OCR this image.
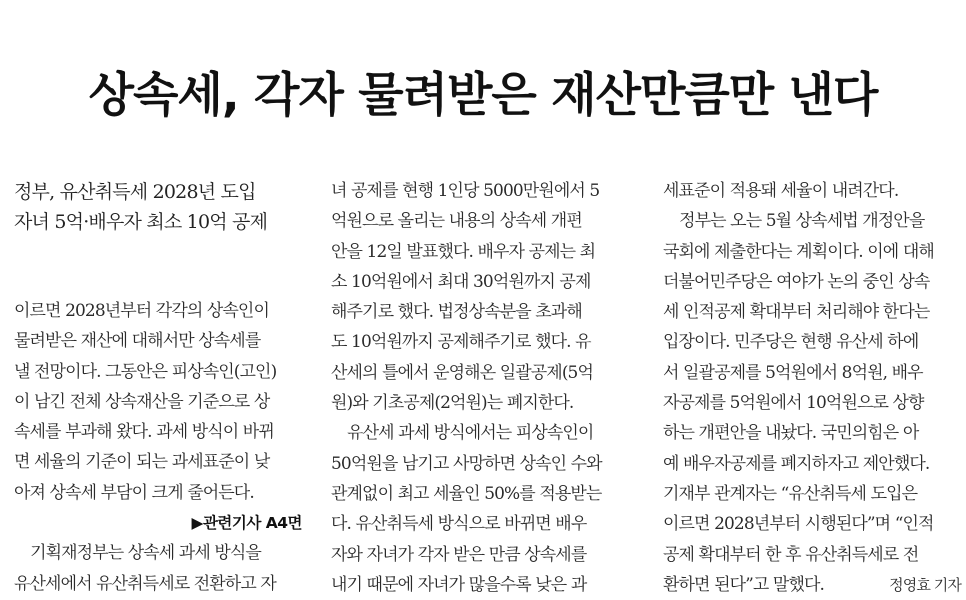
상속세, 각자 물려받은 재산만큼만 낸다
정부, 유산취득세 2028년 도입
자녀 5억·배우자 최소 10억 공제
이르면 2028년부터 각각의 상속인이
물려받은 재산에 대해서만 상속세를
낼 전망이다. 그동안은 피상속인(고인)
이 남긴 전체 상속재산을 기준으로 상
속세를 부과해 왔다. 과세 방식이 바뀌
면 세율의 기준이 되는 과세표준이 낮
아져 상속세 부담이 크게 줄어든다.
▶관련기사 A4면
　기획재정부는 상속세 과세 방식을
유산세에서 유산취득세로 전환하고 자
녀 공제를 현행 1인당 5000만원에서 5
억원으로 올리는 내용의 상속세 개편
안을 12일 발표했다. 배우자 공제는 최
소 10억원에서 최대 30억원까지 공제
해주기로 했다. 법정상속분을 초과해
도 10억원까지 공제해주기로 했다. 유
산세의 틀에서 운영해온 일괄공제(5억
원)와 기초공제(2억원)는 폐지한다.
　유산세 과세 방식에서는 피상속인이
50억원을 남기고 사망하면 상속인 수와
관계없이 최고 세율인 50%를 적용받는
다. 유산취득세 방식으로 바뀌면 배우
자와 자녀가 각자 받은 만큼 상속세를
내기 때문에 자녀가 많을수록 낮은 과
세표준이 적용돼 세율이 내려간다.
　정부는 오는 5월 상속세법 개정안을
국회에 제출한다는 계획이다. 이에 대해
더불어민주당은 여야가 논의 중인 상속
세 인적공제 확대부터 처리해야 한다는
입장이다. 민주당은 현행 유산세 하에
서 일괄공제를 5억원에서 8억원, 배우
자공제를 5억원에서 10억원으로 상향
하는 개편안을 내놨다. 국민의힘은 아
예 배우자공제를 폐지하자고 제안했다.
기재부 관계자는 “유산취득세 도입은
이르면 2028년부터 시행된다”며 “인적
공제 확대부터 한 후 유산취득세로 전
환하면 된다”고 말했다.	정영효 기자
